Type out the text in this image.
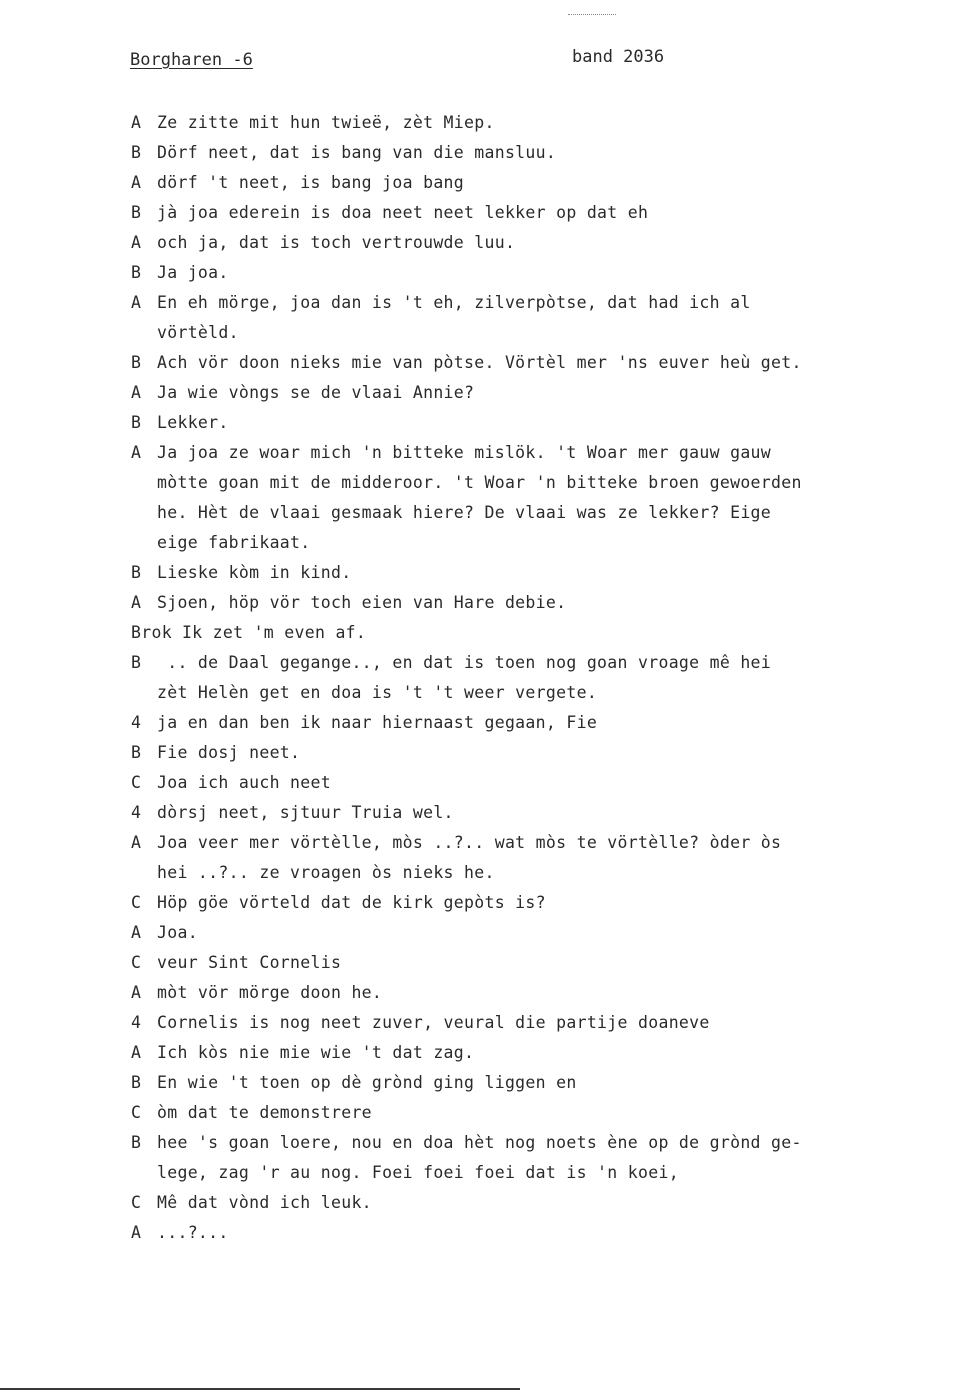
Borgharen -6	band 2036
A Ze zitte mit hun twieë, zèt Miep.
B Dörf neet, dat is bang van die mansluu.
A dörf 't neet, is bang joa bang
B jà joa ederein is doa neet neet lekker op dat eh
A och ja, dat is toch vertrouwde luu.
B Ja joa.
A En eh mörge, joa dan is 't eh, zilverpòtse, dat had ich al
vörtèld.
B Ach vör doon nieks mie van pòtse. Vörtèl mer 'ns euver heù get.
A Ja wie vòngs se de vlaai Annie?
B Lekker.
A Ja joa ze woar mich 'n bitteke mislök. 't Woar mer gauw gauw
mòtte goan mit de midderoor. 't Woar 'n bitteke broen gewoerden
he. Hèt de vlaai gesmaak hiere? De vlaai was ze lekker? Eige
eige fabrikaat.
B Lieske kòm in kind.
A Sjoen, höp vör toch eien van Hare debie.
Brok Ik zet 'm even af.
B .. de Daal gegange.., en dat is toen nog goan vroage mê hei
zèt Helèn get en doa is 't 't weer vergete.
4 ja en dan ben ik naar hiernaast gegaan, Fie
B Fie dosj neet.
C Joa ich auch neet
4 dòrsj neet, sjtuur Truia wel.
A Joa veer mer vörtèlle, mòs ..?.. wat mòs te vörtèlle? òder òs
hei ..?.. ze vroagen òs nieks he.
C Höp göe vörteld dat de kirk gepòts is?
A Joa.
C veur Sint Cornelis
A mòt vör mörge doon he.
4 Cornelis is nog neet zuver, veural die partije doaneve
A Ich kòs nie mie wie 't dat zag.
B En wie 't toen op dè grònd ging liggen en
C òm dat te demonstrere
B hee 's goan loere, nou en doa hèt nog noets ène op de grònd ge-
lege, zag 'r au nog. Foei foei foei dat is 'n koei,
C Mê dat vònd ich leuk.
A ...?...
